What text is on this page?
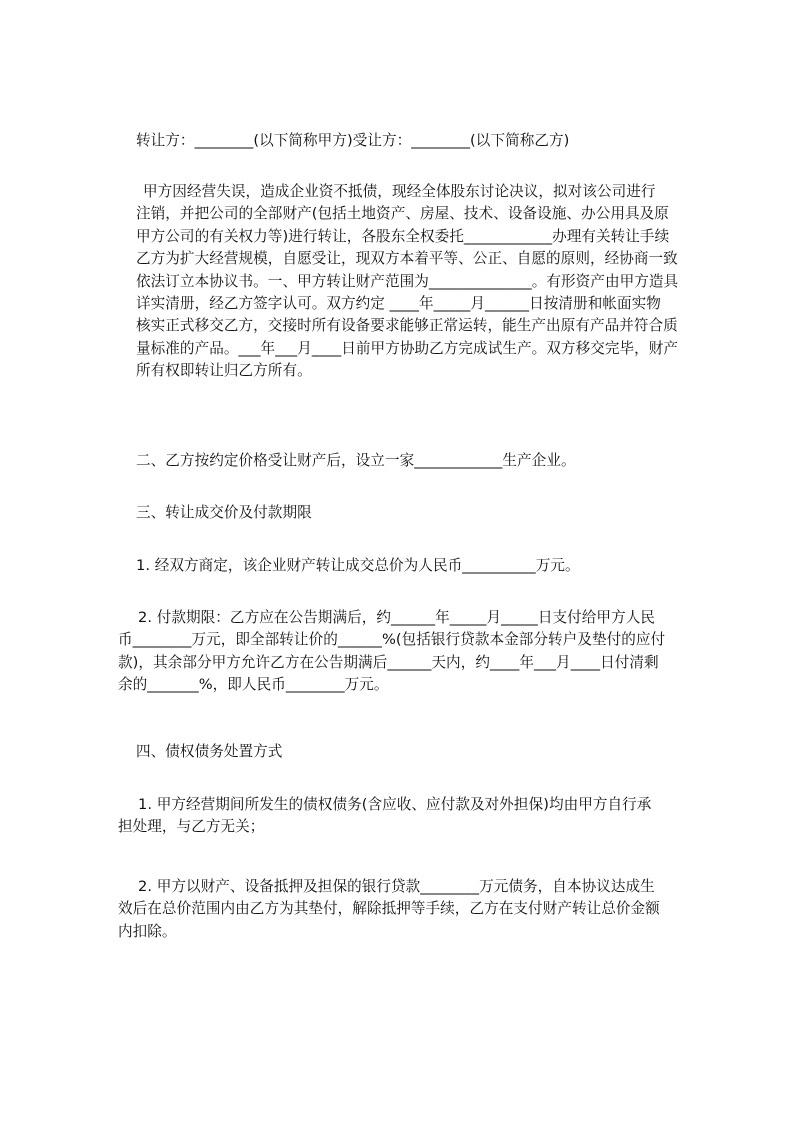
转让方：________(以下简称甲方)受让方：________(以下简称乙方)
甲方因经营失误，造成企业资不抵债，现经全体股东讨论决议，拟对该公司进行
注销，并把公司的全部财产(包括土地资产、房屋、技术、设备设施、办公用具及原
甲方公司的有关权力等)进行转让，各股东全权委托____________办理有关转让手续
乙方为扩大经营规模，自愿受让，现双方本着平等、公正、自愿的原则，经协商一致
依法订立本协议书。一、甲方转让财产范围为______________。有形资产由甲方造具
详实清册，经乙方签字认可。双方约定 ____年_____月______日按清册和帐面实物
核实正式移交乙方，交接时所有设备要求能够正常运转，能生产出原有产品并符合质
量标准的产品。___年___月____日前甲方协助乙方完成试生产。双方移交完毕，财产
所有权即转让归乙方所有。
二、乙方按约定价格受让财产后，设立一家____________生产企业。
三、转让成交价及付款期限
1. 经双方商定，该企业财产转让成交总价为人民币__________万元。
2. 付款期限：乙方应在公告期满后，约______年_____月_____日支付给甲方人民
币________万元，即全部转让价的______%(包括银行贷款本金部分转户及垫付的应付
款)，其余部分甲方允许乙方在公告期满后______天内，约____年___月____日付清剩
余的_______%，即人民币________万元。
四、债权债务处置方式
1. 甲方经营期间所发生的债权债务(含应收、应付款及对外担保)均由甲方自行承
担处理，与乙方无关；
2. 甲方以财产、设备抵押及担保的银行贷款________万元债务，自本协议达成生
效后在总价范围内由乙方为其垫付，解除抵押等手续，乙方在支付财产转让总价金额
内扣除。
